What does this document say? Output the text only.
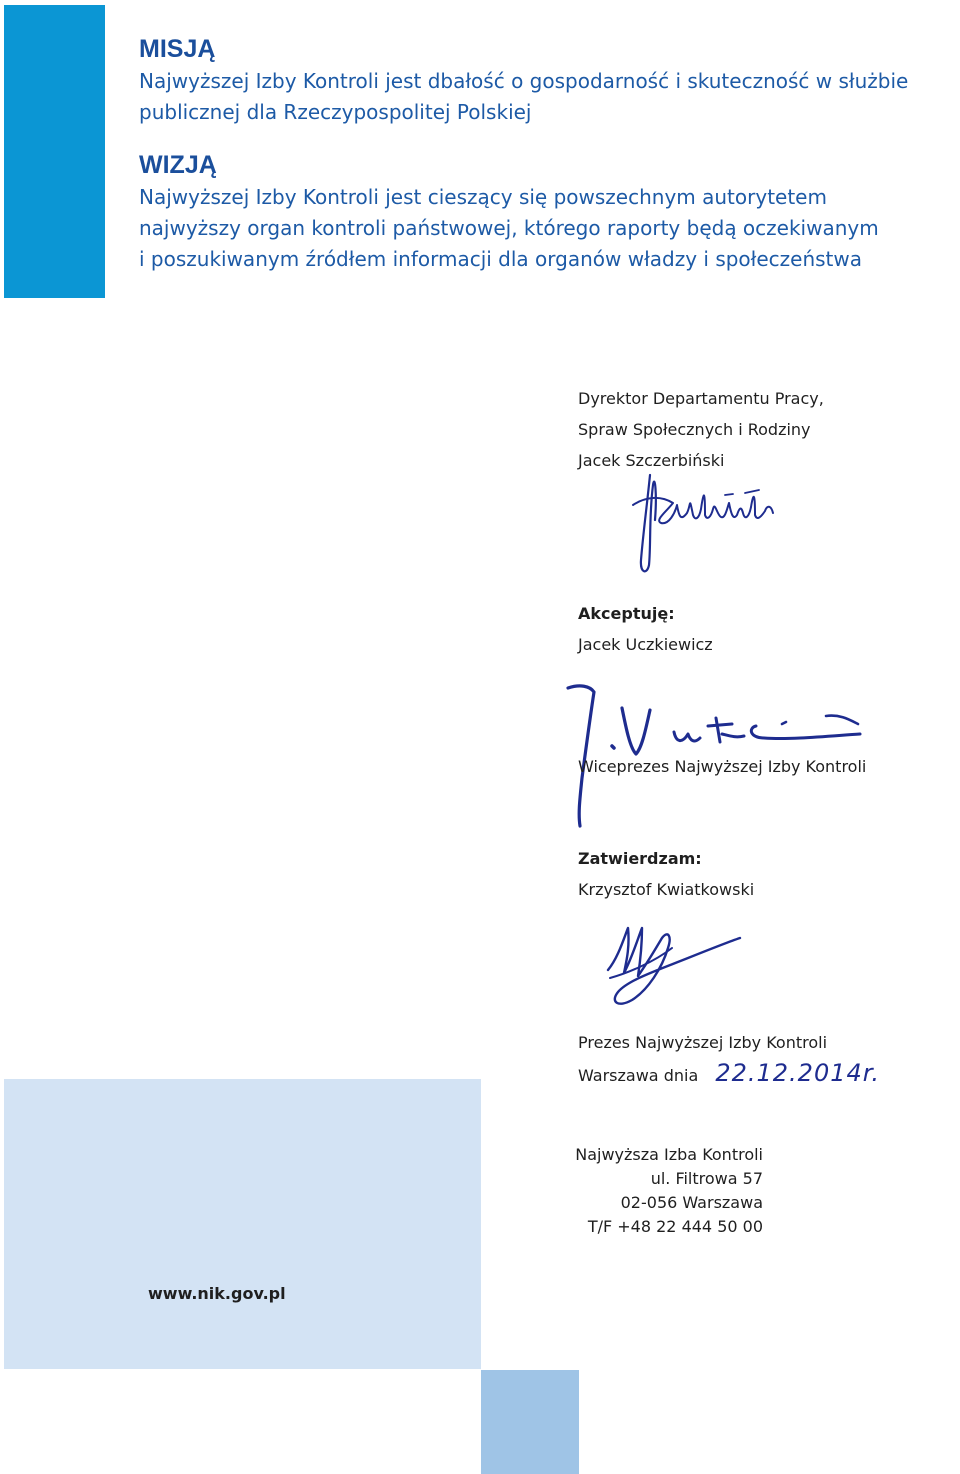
MISJĄ

Najwyższej Izby Kontroli jest dbałość o gospodarność i skuteczność w służbie

publicznej dla Rzeczypospolitej Polskiej

WIZJĄ

Najwyższej Izby Kontroli jest cieszący się powszechnym autorytetem

najwyższy organ kontroli państwowej, którego raporty będą oczekiwanym

i poszukiwanym źródłem informacji dla organów władzy i społeczeństwa

Dyrektor Departamentu Pracy,
Spraw Społecznych i Rodziny
Jacek Szczerbiński
Akceptuję:
Jacek Uczkiewicz
Wiceprezes Najwyższej Izby Kontroli
Zatwierdzam:
Krzysztof Kwiatkowski
Prezes Najwyższej Izby Kontroli
Warszawa dnia 22.12.2014r.
Najwyższa Izba Kontroli
ul. Filtrowa 57
02-056 Warszawa
T/F +48 22 444 50 00
www.nik.gov.pl
